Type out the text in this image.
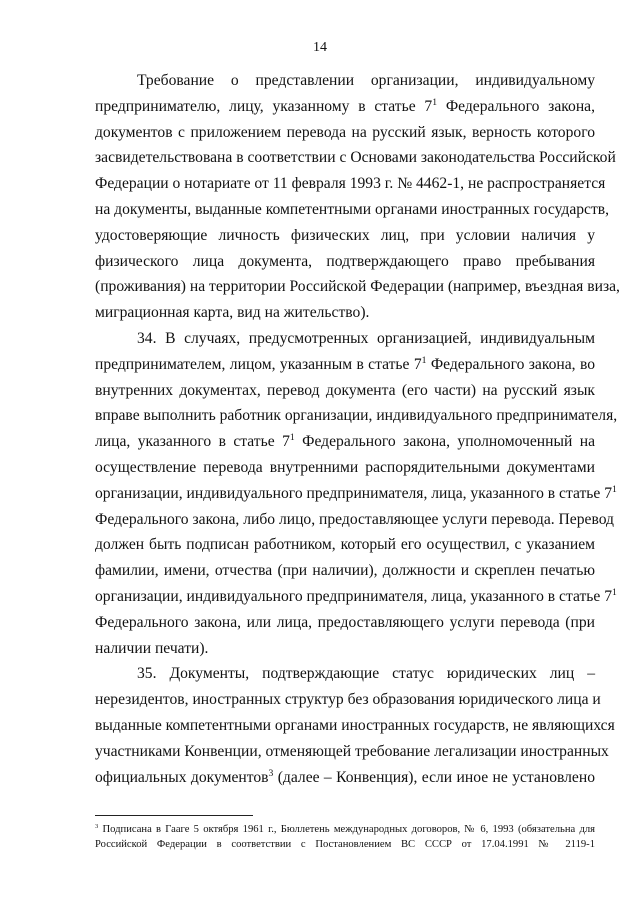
14
Требование о представлении организации, индивидуальному
предпринимателю, лицу, указанному в статье $7^1$ Федерального закона,
документов с приложением перевода на русский язык, верность которого
засвидетельствована в соответствии с Основами законодательства Российской
Федерации о нотариате от 11 февраля 1993 г. № 4462-1, не распространяется
на документы, выданные компетентными органами иностранных государств,
удостоверяющие личность физических лиц, при условии наличия у
физического лица документа, подтверждающего право пребывания
(проживания) на территории Российской Федерации (например, въездная виза,
миграционная карта, вид на жительство).
34. В случаях, предусмотренных организацией, индивидуальным
предпринимателем, лицом, указанным в статье $7^1$ Федерального закона, во
внутренних документах, перевод документа (его части) на русский язык
вправе выполнить работник организации, индивидуального предпринимателя,
лица, указанного в статье $7^1$ Федерального закона, уполномоченный на
осуществление перевода внутренними распорядительными документами
организации, индивидуального предпринимателя, лица, указанного в статье $7^1$
Федерального закона, либо лицо, предоставляющее услуги перевода. Перевод
должен быть подписан работником, который его осуществил, с указанием
фамилии, имени, отчества (при наличии), должности и скреплен печатью
организации, индивидуального предпринимателя, лица, указанного в статье $7^1$
Федерального закона, или лица, предоставляющего услуги перевода (при
наличии печати).
35. Документы, подтверждающие статус юридических лиц –
нерезидентов, иностранных структур без образования юридического лица и
выданные компетентными органами иностранных государств, не являющихся
участниками Конвенции, отменяющей требование легализации иностранных
официальных документов$^3$ (далее – Конвенция), если иное не установлено
$^3$ Подписана в Гааге 5 октября 1961 г., Бюллетень международных договоров, № 6, 1993 (обязательна для
Российской Федерации в соответствии с Постановлением ВС СССР от 17.04.1991 № 2119-1
